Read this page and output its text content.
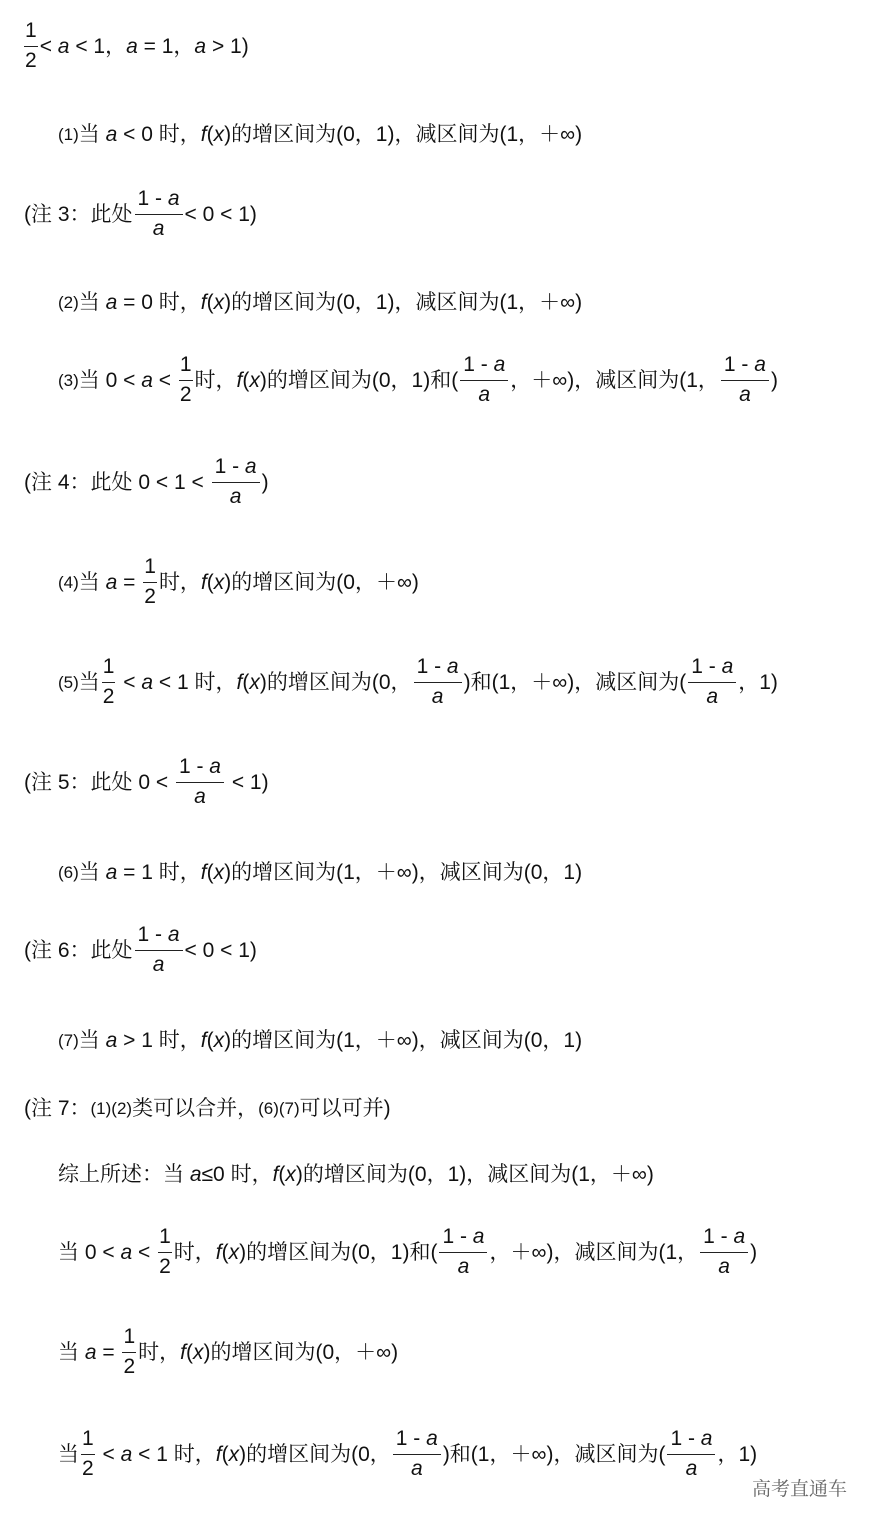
$\frac{1}{2} < a < 1$， a = 1， a > 1)
(1) 当 a < 0 时， f ( x )的增区间为(0，1)，减区间为(1，＋∞)
(注 3：此处 $\frac{1 - a}{a} < 0 < 1$)
(2) 当 a = 0 时， f ( x )的增区间为(0，1)，减区间为(1，＋∞)
(3) 当 $0 < a < \frac{1}{2}$ 时， f ( x )的增区间为(0，1)和( $\frac{1 - a}{a}$ ，＋∞)，减区间为(1， $\frac{1 - a}{a}$ )
(注 4：此处 $0 < 1 < \frac{1 - a}{a}$ )
(4) 当 $a = \frac{1}{2}$ 时， f ( x )的增区间为(0，＋∞)
(5) 当 $\frac{1}{2} < a < 1$ 时， f ( x )的增区间为(0， $\frac{1 - a}{a}$ )和(1，＋∞)，减区间为( $\frac{1 - a}{a}$ ，1)
(注 5：此处 $0 < \frac{1 - a}{a} < 1$)
(6) 当 a = 1 时， f ( x )的增区间为(1，＋∞)，减区间为(0，1)
(注 6：此处 $\frac{1 - a}{a} < 0 < 1$)
(7) 当 a > 1 时， f ( x )的增区间为(1，＋∞)，减区间为(0，1)
(注 7： (1)(2) 类可以合并， (6)(7) 可以可并)
综上所述：当 a ≤0 时， f ( x )的增区间为(0，1)，减区间为(1，＋∞)
当 $0 < a < \frac{1}{2}$ 时， f ( x )的增区间为(0，1)和( $\frac{1 - a}{a}$ ，＋∞)，减区间为(1， $\frac{1 - a}{a}$ )
当 $a = \frac{1}{2}$ 时， f ( x )的增区间为(0，＋∞)
当 $\frac{1}{2} < a < 1$ 时， f ( x )的增区间为(0， $\frac{1 - a}{a}$ )和(1，＋∞)，减区间为( $\frac{1 - a}{a}$ ，1)
高考直通车
